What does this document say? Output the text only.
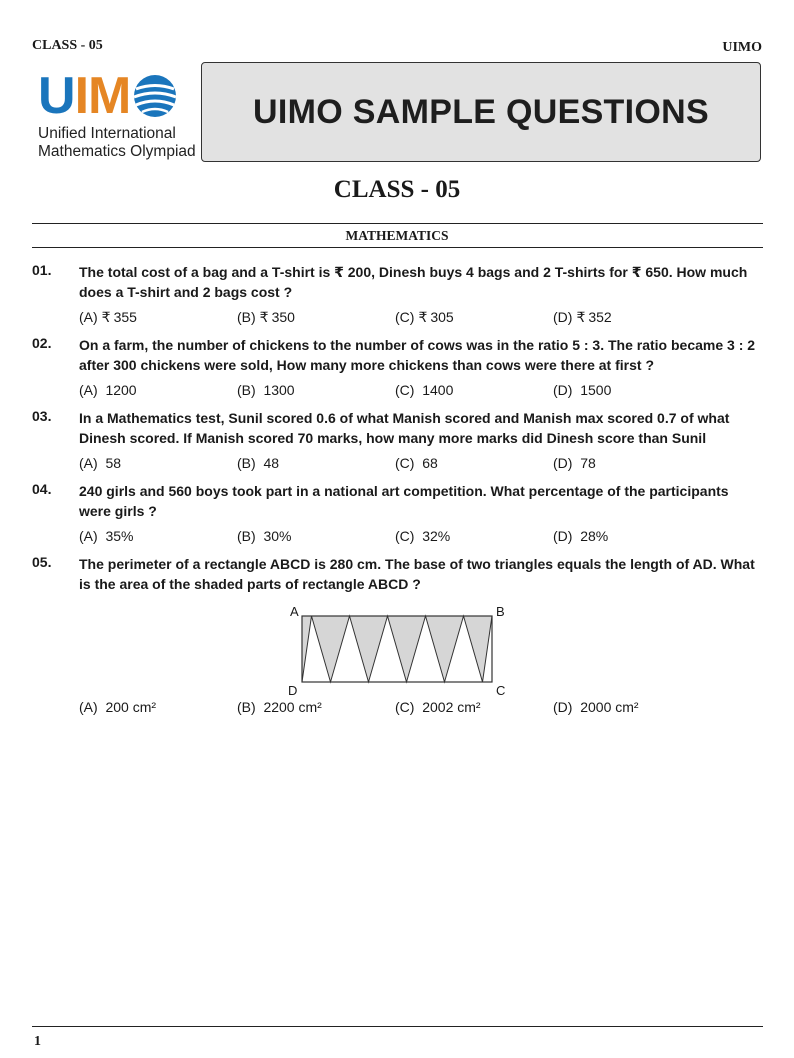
CLASS - 05	UIMO
U I M
Unified International
Mathematics Olympiad
UIMO SAMPLE QUESTIONS
CLASS - 05
MATHEMATICS
01. The total cost of a bag and a T-shirt is ₹ 200, Dinesh buys 4 bags and 2 T-shirts for ₹ 650. How much does a T-shirt and 2 bags cost ?
(A) ₹ 355	(B) ₹ 350	(C) ₹ 305	(D) ₹ 352
02. On a farm, the number of chickens to the number of cows was in the ratio 5 : 3. The ratio became 3 : 2 after 300 chickens were sold, How many more chickens than cows were there at first ?
(A) 1200	(B) 1300	(C) 1400	(D) 1500
03. In a Mathematics test, Sunil scored 0.6 of what Manish scored and Manish max scored 0.7 of what Dinesh scored. If Manish scored 70 marks, how many more marks did Dinesh score than Sunil
(A) 58	(B) 48	(C) 68	(D) 78
04. 240 girls and 560 boys took part in a national art competition. What percentage of the participants were girls ?
(A) 35%	(B) 30%	(C) 32%	(D) 28%
05. The perimeter of a rectangle ABCD is 280 cm. The base of two triangles equals the length of AD. What is the area of the shaded parts of rectangle ABCD ?
A	B
D	C
(A) 200 cm²	(B) 2200 cm²	(C) 2002 cm²	(D) 2000 cm²
1
